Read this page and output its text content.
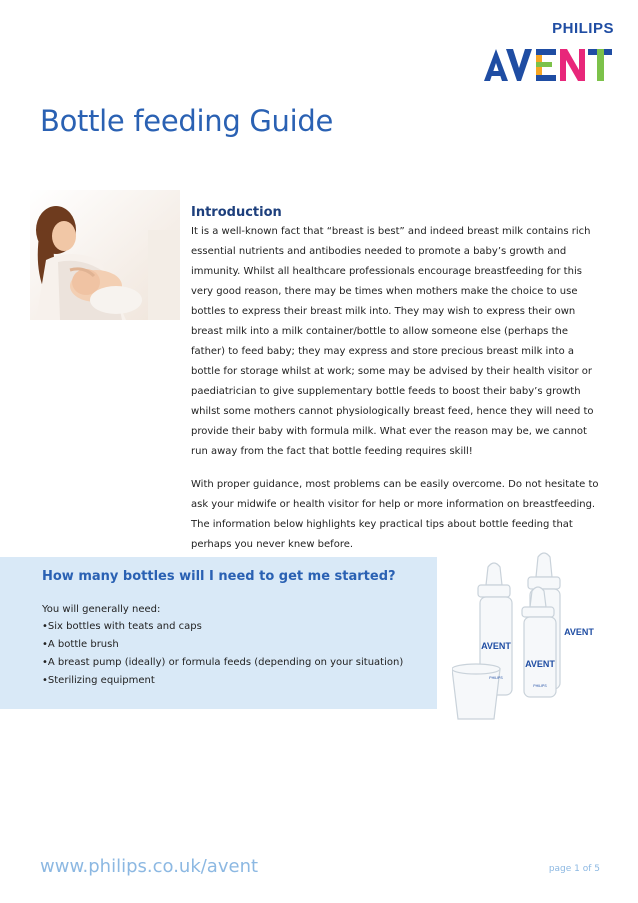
PHILIPS
Bottle feeding Guide
Introduction

It is a well-known fact that “breast is best” and indeed breast milk contains rich essential nutrients and antibodies needed to promote a baby’s growth and immunity. Whilst all healthcare professionals encourage breastfeeding for this very good reason, there may be times when mothers make the choice to use bottles to express their breast milk into. They may wish to express their own breast milk into a milk container/bottle to allow someone else (perhaps the father) to feed baby; they may express and store precious breast milk into a bottle for storage whilst at work; some may be advised by their health visitor or paediatrician to give supplementary bottle feeds to boost their baby’s growth whilst some mothers cannot physiologically breast feed, hence they will need to provide their baby with formula milk. What ever the reason may be, we cannot run away from the fact that bottle feeding requires skill!

With proper guidance, most problems can be easily overcome. Do not hesitate to ask your midwife or health visitor for help or more information on breastfeeding. The information below highlights key practical tips about bottle feeding that perhaps you never knew before.

How many bottles will I need to get me started?

You will generally need:

• Six bottles with teats and caps
• A bottle brush
• A breast pump (ideally) or formula feeds (depending on your situation)
• Sterilizing equipment
AVENT
AVENT
AVENT
PHILIPS
PHILIPS
www.philips.co.uk/avent	page 1 of 5
